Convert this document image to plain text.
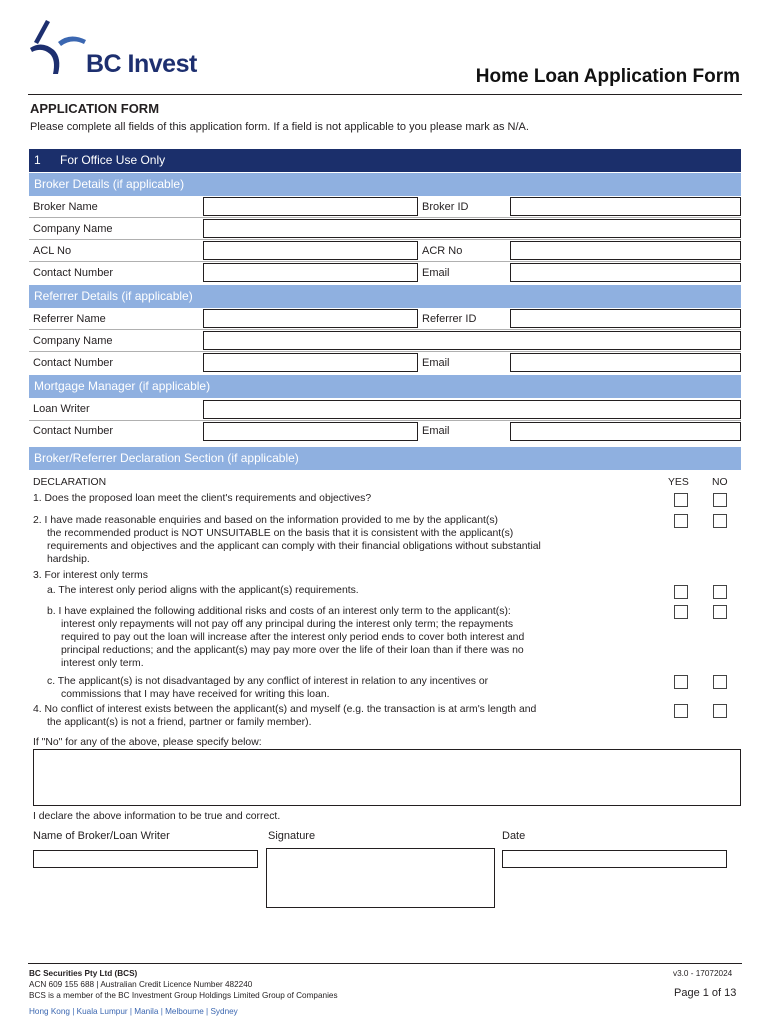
BC Invest	Home Loan Application Form
APPLICATION FORM
Please complete all fields of this application form. If a field is not applicable to you please mark as N/A.
1 For Office Use Only
Broker Details (if applicable)
Broker Name	Broker ID
Company Name
ACL No	ACR No
Contact Number	Email
Referrer Details (if applicable)
Referrer Name	Referrer ID
Company Name
Contact Number	Email
Mortgage Manager (if applicable)
Loan Writer
Contact Number	Email
Broker/Referrer Declaration Section (if applicable)
DECLARATION	YES NO
1. Does the proposed loan meet the client's requirements and objectives?
2. I have made reasonable enquiries and based on the information provided to me by the applicant(s)
the recommended product is NOT UNSUITABLE on the basis that it is consistent with the applicant(s)
requirements and objectives and the applicant can comply with their financial obligations without substantial
hardship.
3. For interest only terms
a. The interest only period aligns with the applicant(s) requirements.
b. I have explained the following additional risks and costs of an interest only term to the applicant(s):
interest only repayments will not pay off any principal during the interest only term; the repayments
required to pay out the loan will increase after the interest only period ends to cover both interest and
principal reductions; and the applicant(s) may pay more over the life of their loan than if there was no
interest only term.
c. The applicant(s) is not disadvantaged by any conflict of interest in relation to any incentives or
commissions that I may have received for writing this loan.
4. No conflict of interest exists between the applicant(s) and myself (e.g. the transaction is at arm's length and
the applicant(s) is not a friend, partner or family member).
If "No" for any of the above, please specify below:
I declare the above information to be true and correct.
Name of Broker/Loan Writer	Signature	Date
BC Securities Pty Ltd (BCS)
ACN 609 155 688 | Australian Credit Licence Number 482240
BCS is a member of the BC Investment Group Holdings Limited Group of Companies
Hong Kong | Kuala Lumpur | Manila | Melbourne | Sydney
v3.0 - 17072024
Page 1 of 13
